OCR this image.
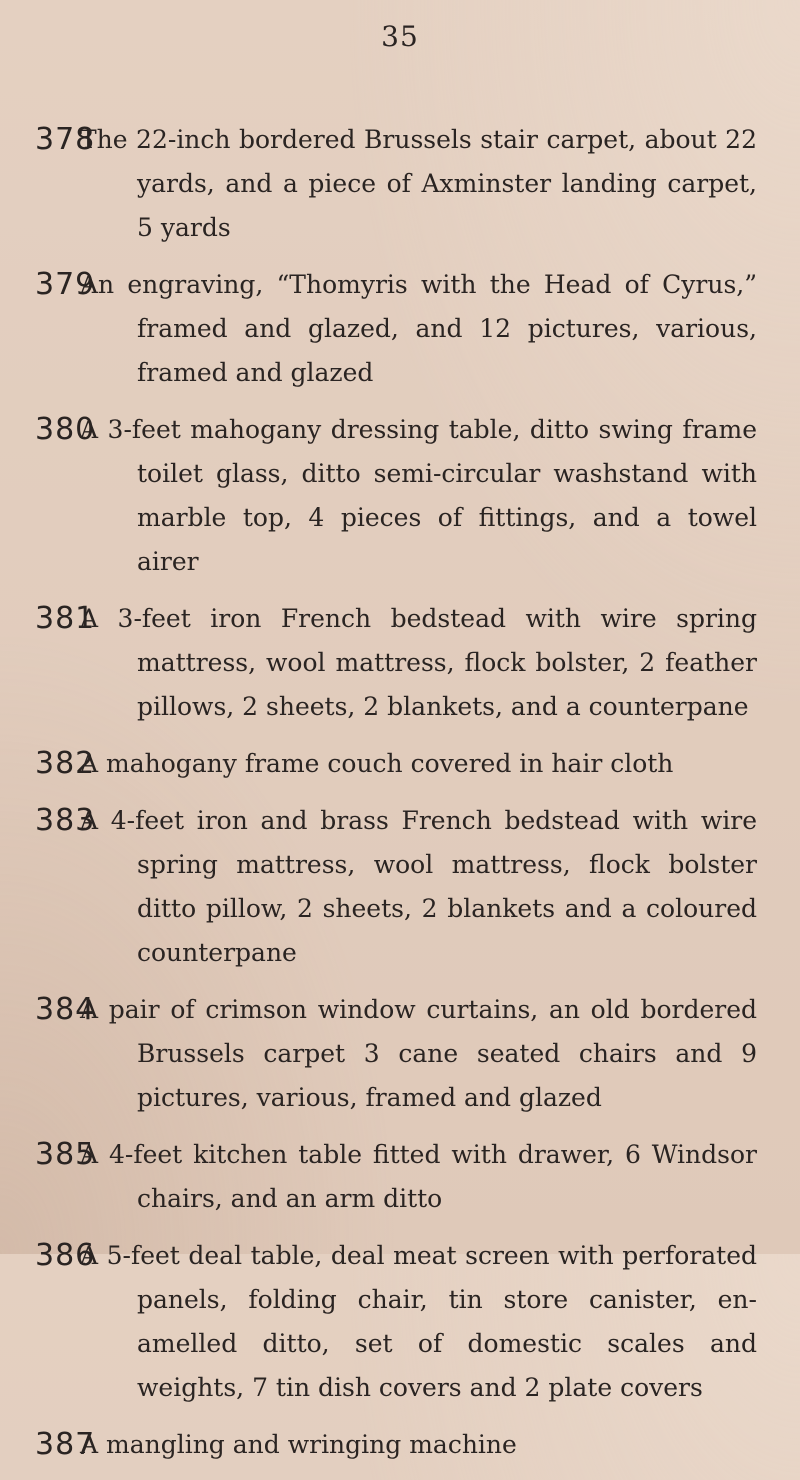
35
378
The 22-inch bordered Brussels stair carpet, about 22 yards, and a piece of Axminster landing carpet, 5 yards
379
An engraving, “Thomyris with the Head of Cyrus,” framed and glazed, and 12 pictures, various, framed and glazed
380
A 3-feet mahogany dressing table, ditto swing frame toilet glass, ditto semi-circular washstand with marble top, 4 pieces of fittings, and a towel airer
381
A 3-feet iron French bedstead with wire spring mattress, wool mattress, flock bolster, 2 feather pillows, 2 sheets, 2 blankets, and a counterpane
382
A mahogany frame couch covered in hair cloth
383
A 4-feet iron and brass French bedstead with wire spring mattress, wool mattress, flock bolster ditto pillow, 2 sheets, 2 blankets and a coloured counterpane
384
A pair of crimson window curtains, an old bordered Brussels carpet 3 cane seated chairs and 9 pictures, various, framed and glazed
385
A 4-feet kitchen table fitted with drawer, 6 Windsor chairs, and an arm ditto
386
A 5-feet deal table, deal meat screen with perforated panels, folding chair, tin store canister, en-amelled ditto, set of domestic scales and weights, 7 tin dish covers and 2 plate covers
387
A mangling and wringing machine
